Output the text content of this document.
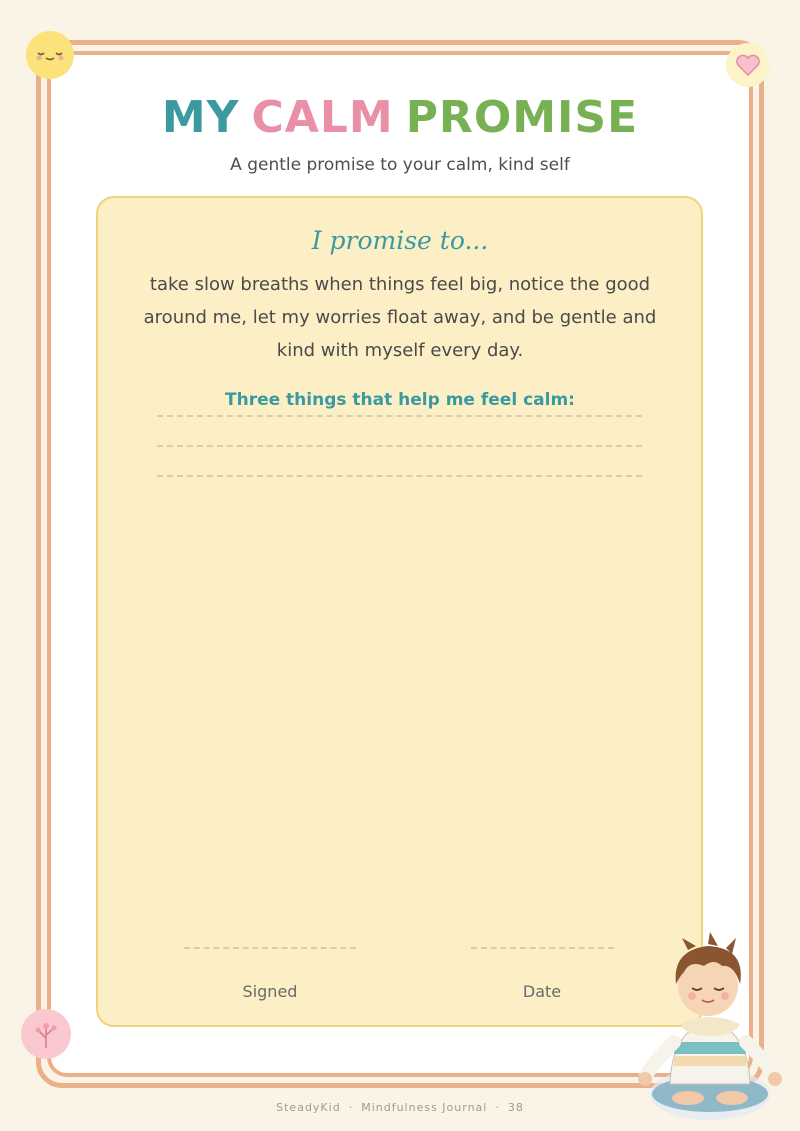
MY CALM PROMISE
A gentle promise to your calm, kind self
I promise to...
take slow breaths when things feel big, notice the good around me, let my worries float away, and be gentle and kind with myself every day.
Three things that help me feel calm:
Signed	Date
SteadyKid · Mindfulness Journal · 38
